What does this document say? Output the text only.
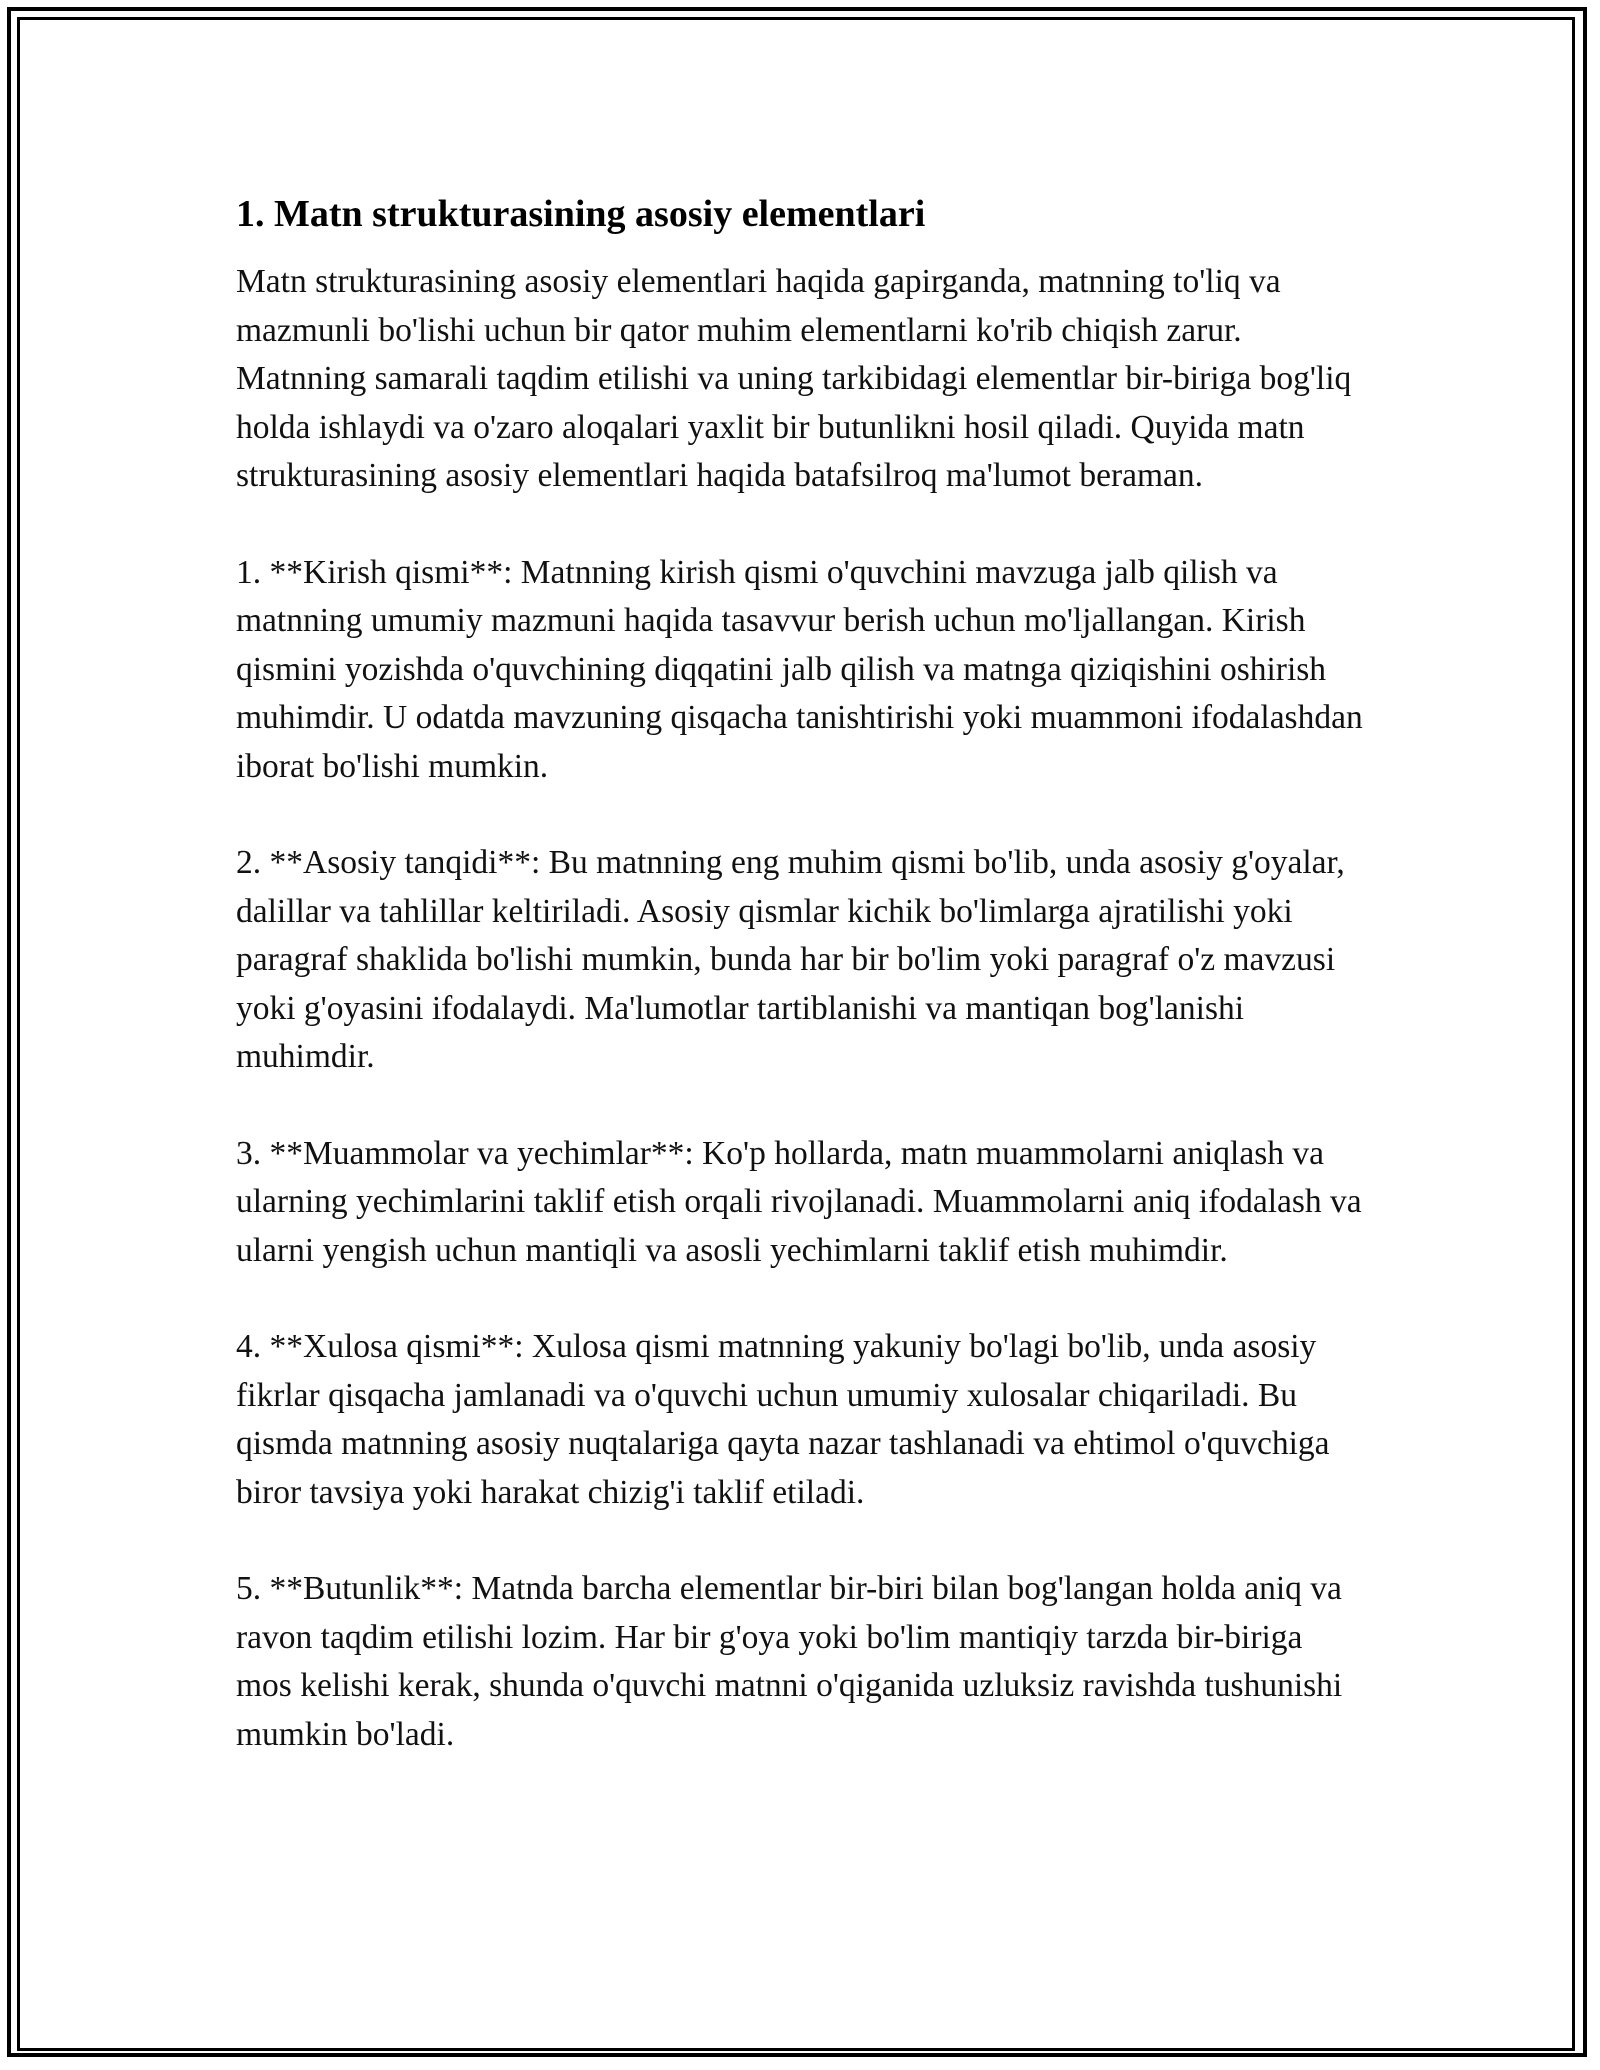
1. Matn strukturasining asosiy elementlari

Matn strukturasining asosiy elementlari haqida gapirganda, matnning to'liq va mazmunli bo'lishi uchun bir qator muhim elementlarni ko'rib chiqish zarur. Matnning samarali taqdim etilishi va uning tarkibidagi elementlar bir-biriga bog'liq holda ishlaydi va o'zaro aloqalari yaxlit bir butunlikni hosil qiladi. Quyida matn strukturasining asosiy elementlari haqida batafsilroq ma'lumot beraman.

1. **Kirish qismi**: Matnning kirish qismi o'quvchini mavzuga jalb qilish va matnning umumiy mazmuni haqida tasavvur berish uchun mo'ljallangan. Kirish qismini yozishda o'quvchining diqqatini jalb qilish va matnga qiziqishini oshirish muhimdir. U odatda mavzuning qisqacha tanishtirishi yoki muammoni ifodalashdan iborat bo'lishi mumkin.

2. **Asosiy tanqidi**: Bu matnning eng muhim qismi bo'lib, unda asosiy g'oyalar, dalillar va tahlillar keltiriladi. Asosiy qismlar kichik bo'limlarga ajratilishi yoki paragraf shaklida bo'lishi mumkin, bunda har bir bo'lim yoki paragraf o'z mavzusi yoki g'oyasini ifodalaydi. Ma'lumotlar tartiblanishi va mantiqan bog'lanishi muhimdir.

3. **Muammolar va yechimlar**: Ko'p hollarda, matn muammolarni aniqlash va ularning yechimlarini taklif etish orqali rivojlanadi. Muammolarni aniq ifodalash va ularni yengish uchun mantiqli va asosli yechimlarni taklif etish muhimdir.

4. **Xulosa qismi**: Xulosa qismi matnning yakuniy bo'lagi bo'lib, unda asosiy fikrlar qisqacha jamlanadi va o'quvchi uchun umumiy xulosalar chiqariladi. Bu qismda matnning asosiy nuqtalariga qayta nazar tashlanadi va ehtimol o'quvchiga biror tavsiya yoki harakat chizig'i taklif etiladi.

5. **Butunlik**: Matnda barcha elementlar bir-biri bilan bog'langan holda aniq va ravon taqdim etilishi lozim. Har bir g'oya yoki bo'lim mantiqiy tarzda bir-biriga mos kelishi kerak, shunda o'quvchi matnni o'qiganida uzluksiz ravishda tushunishi mumkin bo'ladi.
